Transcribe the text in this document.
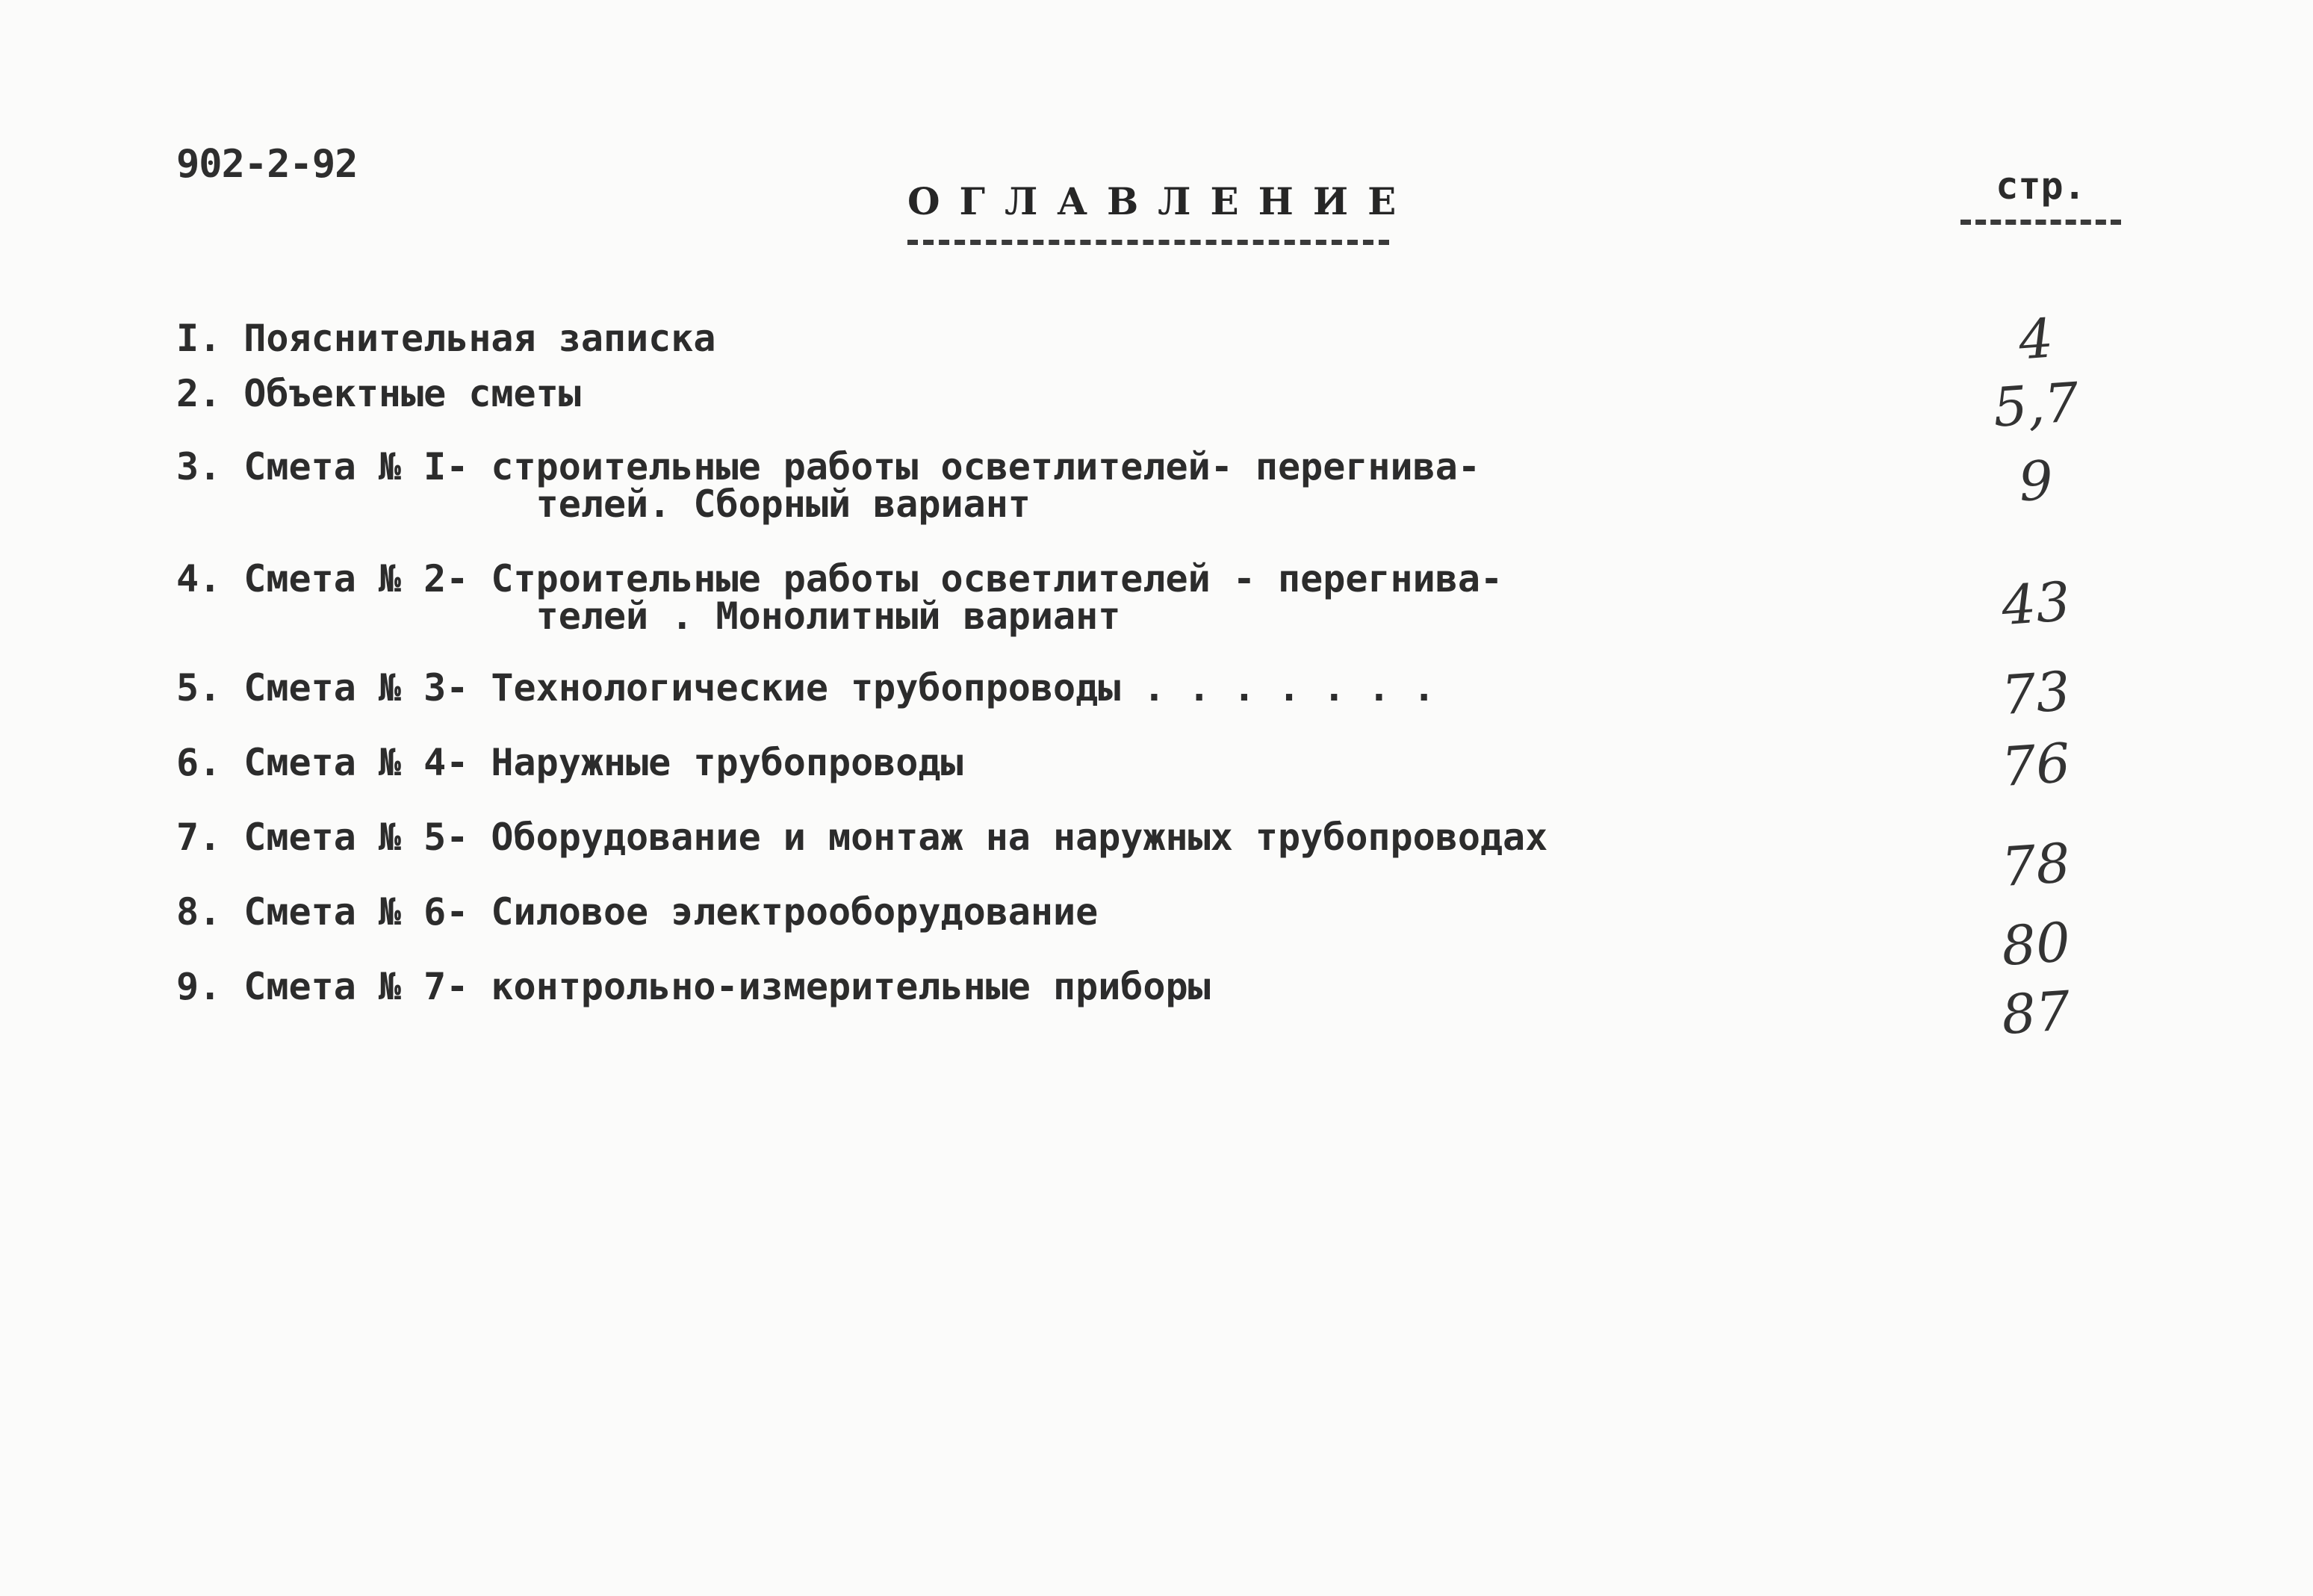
902-2-92
ОГЛАВЛЕНИЕ	стр.
I. Пояснительная записка	4
2. Объектные сметы	5,7
3. Смета № I- строительные работы осветлителей- перегнива-
телей. Сборный вариант	9
4. Смета № 2- Строительные работы осветлителей - перегнива-
телей . Монолитный вариант	43
5. Смета № 3- Технологические трубопроводы . . . . . . .	73
6. Смета № 4- Наружные трубопроводы	76
7. Смета № 5- Оборудование и монтаж на наружных трубопроводах	78
8. Смета № 6- Силовое электрооборудование	80
9. Смета № 7- контрольно-измерительные приборы	87
